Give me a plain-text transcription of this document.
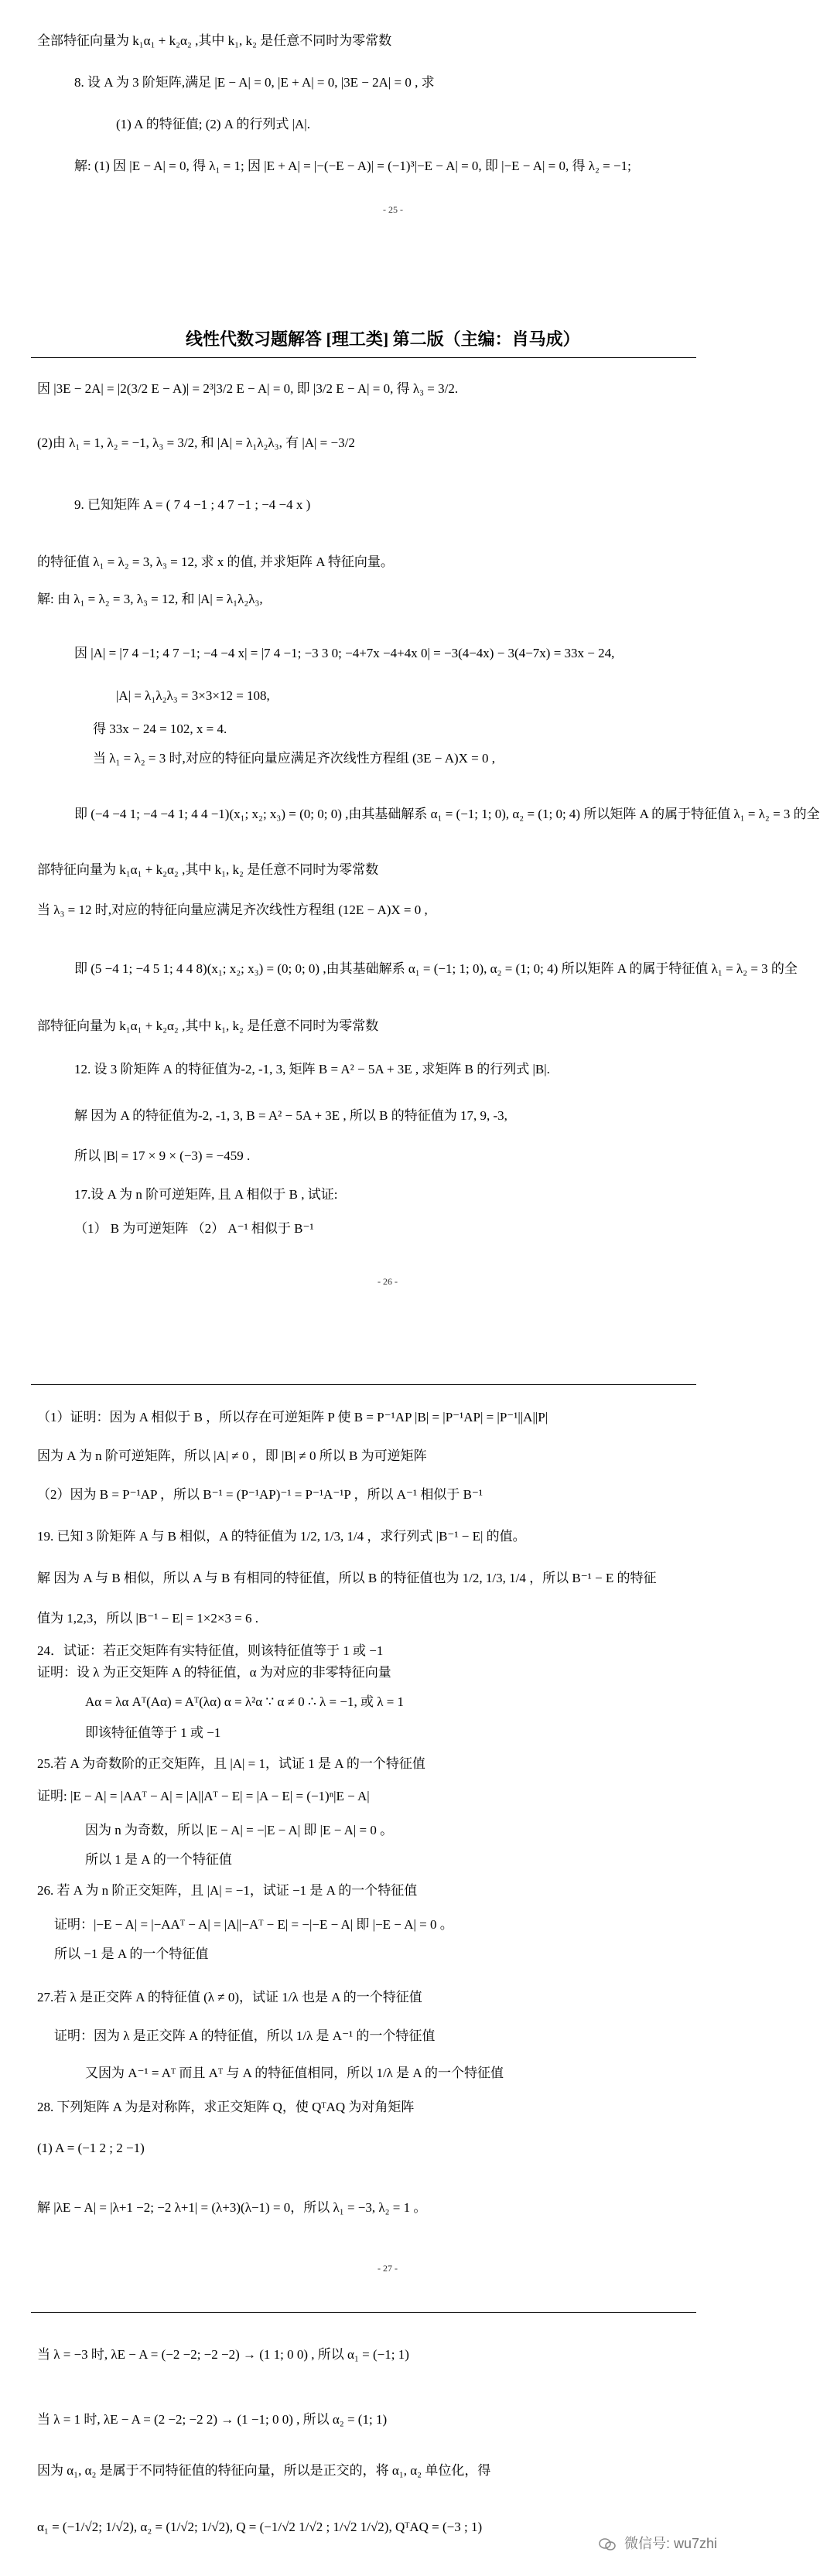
全部特征向量为 k₁α₁ + k₂α₂ ,其中 k₁, k₂ 是任意不同时为零常数
8. 设 A 为 3 阶矩阵,满足 |E − A| = 0, |E + A| = 0, |3E − 2A| = 0 , 求
(1) A 的特征值; (2) A 的行列式 |A|.
解: (1) 因 |E − A| = 0, 得 λ₁ = 1; 因 |E + A| = |−(−E − A)| = (−1)³|−E − A| = 0, 即 |−E − A| = 0, 得 λ₂ = −1;
- 25 -
线性代数习题解答 [理工类] 第二版（主编：肖马成）
因 |3E − 2A| = |2(3/2 E − A)| = 2³|3/2 E − A| = 0, 即 |3/2 E − A| = 0, 得 λ₃ = 3/2.
(2)由 λ₁ = 1, λ₂ = −1, λ₃ = 3/2, 和 |A| = λ₁λ₂λ₃, 有 |A| = −3/2
9. 已知矩阵 A = ( 7 4 −1 ; 4 7 −1 ; −4 −4 x )
的特征值 λ₁ = λ₂ = 3, λ₃ = 12, 求 x 的值, 并求矩阵 A 特征向量。
解: 由 λ₁ = λ₂ = 3, λ₃ = 12, 和 |A| = λ₁λ₂λ₃,
因 |A| = |7 4 −1; 4 7 −1; −4 −4 x| = |7 4 −1; −3 3 0; −4+7x −4+4x 0| = −3(4−4x) − 3(4−7x) = 33x − 24,
|A| = λ₁λ₂λ₃ = 3×3×12 = 108,
得 33x − 24 = 102, x = 4.
当 λ₁ = λ₂ = 3 时,对应的特征向量应满足齐次线性方程组 (3E − A)X = 0 ,
即 (−4 −4 1; −4 −4 1; 4 4 −1)(x₁; x₂; x₃) = (0; 0; 0) ,由其基础解系 α₁ = (−1; 1; 0), α₂ = (1; 0; 4) 所以矩阵 A 的属于特征值 λ₁ = λ₂ = 3 的全
部特征向量为 k₁α₁ + k₂α₂ ,其中 k₁, k₂ 是任意不同时为零常数
当 λ₃ = 12 时,对应的特征向量应满足齐次线性方程组 (12E − A)X = 0 ,
即 (5 −4 1; −4 5 1; 4 4 8)(x₁; x₂; x₃) = (0; 0; 0) ,由其基础解系 α₁ = (−1; 1; 0), α₂ = (1; 0; 4) 所以矩阵 A 的属于特征值 λ₁ = λ₂ = 3 的全
部特征向量为 k₁α₁ + k₂α₂ ,其中 k₁, k₂ 是任意不同时为零常数
12. 设 3 阶矩阵 A 的特征值为-2, -1, 3, 矩阵 B = A² − 5A + 3E , 求矩阵 B 的行列式 |B|.
解 因为 A 的特征值为-2, -1, 3, B = A² − 5A + 3E , 所以 B 的特征值为 17, 9, -3,
所以 |B| = 17 × 9 × (−3) = −459 .
17.设 A 为 n 阶可逆矩阵, 且 A 相似于 B , 试证:
（1） B 为可逆矩阵 （2） A⁻¹ 相似于 B⁻¹
- 26 -
（1）证明：因为 A 相似于 B ，所以存在可逆矩阵 P 使 B = P⁻¹AP |B| = |P⁻¹AP| = |P⁻¹||A||P|
因为 A 为 n 阶可逆矩阵，所以 |A| ≠ 0 ，即 |B| ≠ 0 所以 B 为可逆矩阵
（2）因为 B = P⁻¹AP ，所以 B⁻¹ = (P⁻¹AP)⁻¹ = P⁻¹A⁻¹P ，所以 A⁻¹ 相似于 B⁻¹
19. 已知 3 阶矩阵 A 与 B 相似，A 的特征值为 1/2, 1/3, 1/4 ，求行列式 |B⁻¹ − E| 的值。
解 因为 A 与 B 相似，所以 A 与 B 有相同的特征值，所以 B 的特征值也为 1/2, 1/3, 1/4 ，所以 B⁻¹ − E 的特征
值为 1,2,3，所以 |B⁻¹ − E| = 1×2×3 = 6 .
24．试证：若正交矩阵有实特征值，则该特征值等于 1 或 −1
证明：设 λ 为正交矩阵 A 的特征值，α 为对应的非零特征向量
Aα = λα Aᵀ(Aα) = Aᵀ(λα) α = λ²α ∵ α ≠ 0 ∴ λ = −1, 或 λ = 1
即该特征值等于 1 或 −1
25.若 A 为奇数阶的正交矩阵，且 |A| = 1，试证 1 是 A 的一个特征值
证明: |E − A| = |AAᵀ − A| = |A||Aᵀ − E| = |A − E| = (−1)ⁿ|E − A|
因为 n 为奇数，所以 |E − A| = −|E − A| 即 |E − A| = 0 。
所以 1 是 A 的一个特征值
26. 若 A 为 n 阶正交矩阵，且 |A| = −1，试证 −1 是 A 的一个特征值
证明：|−E − A| = |−AAᵀ − A| = |A||−Aᵀ − E| = −|−E − A| 即 |−E − A| = 0 。
所以 −1 是 A 的一个特征值
27.若 λ 是正交阵 A 的特征值 (λ ≠ 0)，试证 1/λ 也是 A 的一个特征值
证明：因为 λ 是正交阵 A 的特征值，所以 1/λ 是 A⁻¹ 的一个特征值
又因为 A⁻¹ = Aᵀ 而且 Aᵀ 与 A 的特征值相同，所以 1/λ 是 A 的一个特征值
28. 下列矩阵 A 为是对称阵，求正交矩阵 Q，使 QᵀAQ 为对角矩阵
(1) A = (−1 2 ; 2 −1)
解 |λE − A| = |λ+1 −2; −2 λ+1| = (λ+3)(λ−1) = 0，所以 λ₁ = −3, λ₂ = 1 。
- 27 -
当 λ = −3 时, λE − A = (−2 −2; −2 −2) → (1 1; 0 0) , 所以 α₁ = (−1; 1)
当 λ = 1 时, λE − A = (2 −2; −2 2) → (1 −1; 0 0) , 所以 α₂ = (1; 1)
因为 α₁, α₂ 是属于不同特征值的特征向量，所以是正交的，将 α₁, α₂ 单位化，得
α₁ = (−1/√2; 1/√2), α₂ = (1/√2; 1/√2), Q = (−1/√2 1/√2 ; 1/√2 1/√2), QᵀAQ = (−3 ; 1)
微信号: wu7zhi
